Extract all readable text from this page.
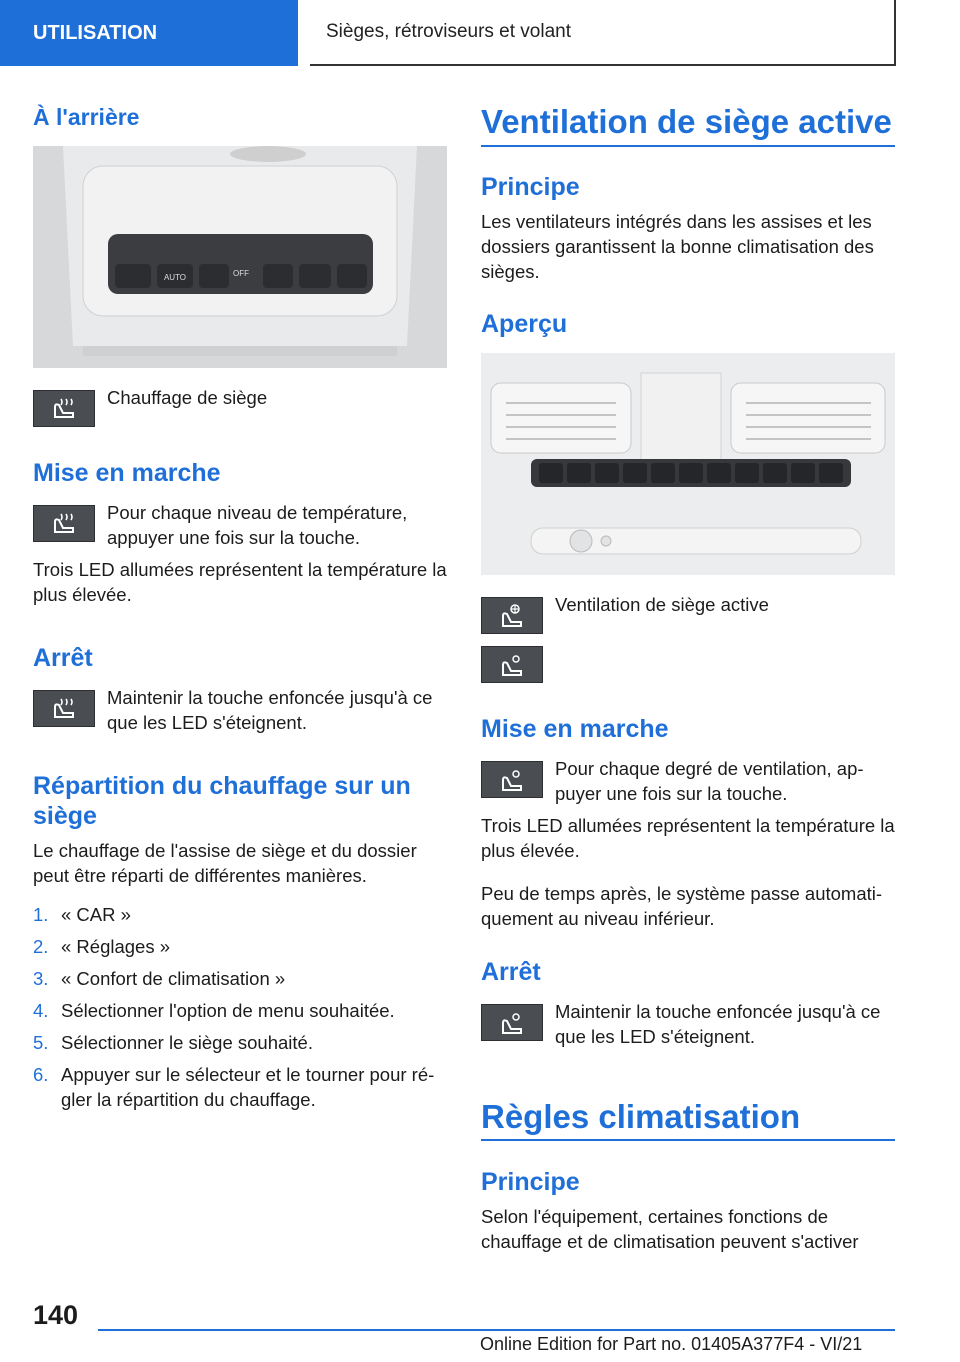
UTILISATION	Sièges, rétroviseurs et volant
À l'arrière
AUTO	OFF
Chauffage de siège
Mise en marche
Pour chaque niveau de température, appuyer une fois sur la touche.
Trois LED allumées représentent la température la plus élevée.
Arrêt
Maintenir la touche enfoncée jusqu'à ce que les LED s'éteignent.
Répartition du chauffage sur un siège
Le chauffage de l'assise de siège et du dossier peut être réparti de différentes manières.
1. « CAR »
2. « Réglages »
3. « Confort de climatisation »
4. Sélectionner l'option de menu souhaitée.
5. Sélectionner le siège souhaité.
6. Appuyer sur le sélecteur et le tourner pour ré-gler la répartition du chauffage.
Ventilation de siège active
Principe
Les ventilateurs intégrés dans les assises et les dossiers garantissent la bonne climatisation des sièges.
Aperçu
Ventilation de siège active
Mise en marche
Pour chaque degré de ventilation, ap-puyer une fois sur la touche.
Trois LED allumées représentent la température la plus élevée.
Peu de temps après, le système passe automati-quement au niveau inférieur.
Arrêt
Maintenir la touche enfoncée jusqu'à ce que les LED s'éteignent.
Règles climatisation
Principe
Selon l'équipement, certaines fonctions de chauffage et de climatisation peuvent s'activer
140
Online Edition for Part no. 01405A377F4 - VI/21
